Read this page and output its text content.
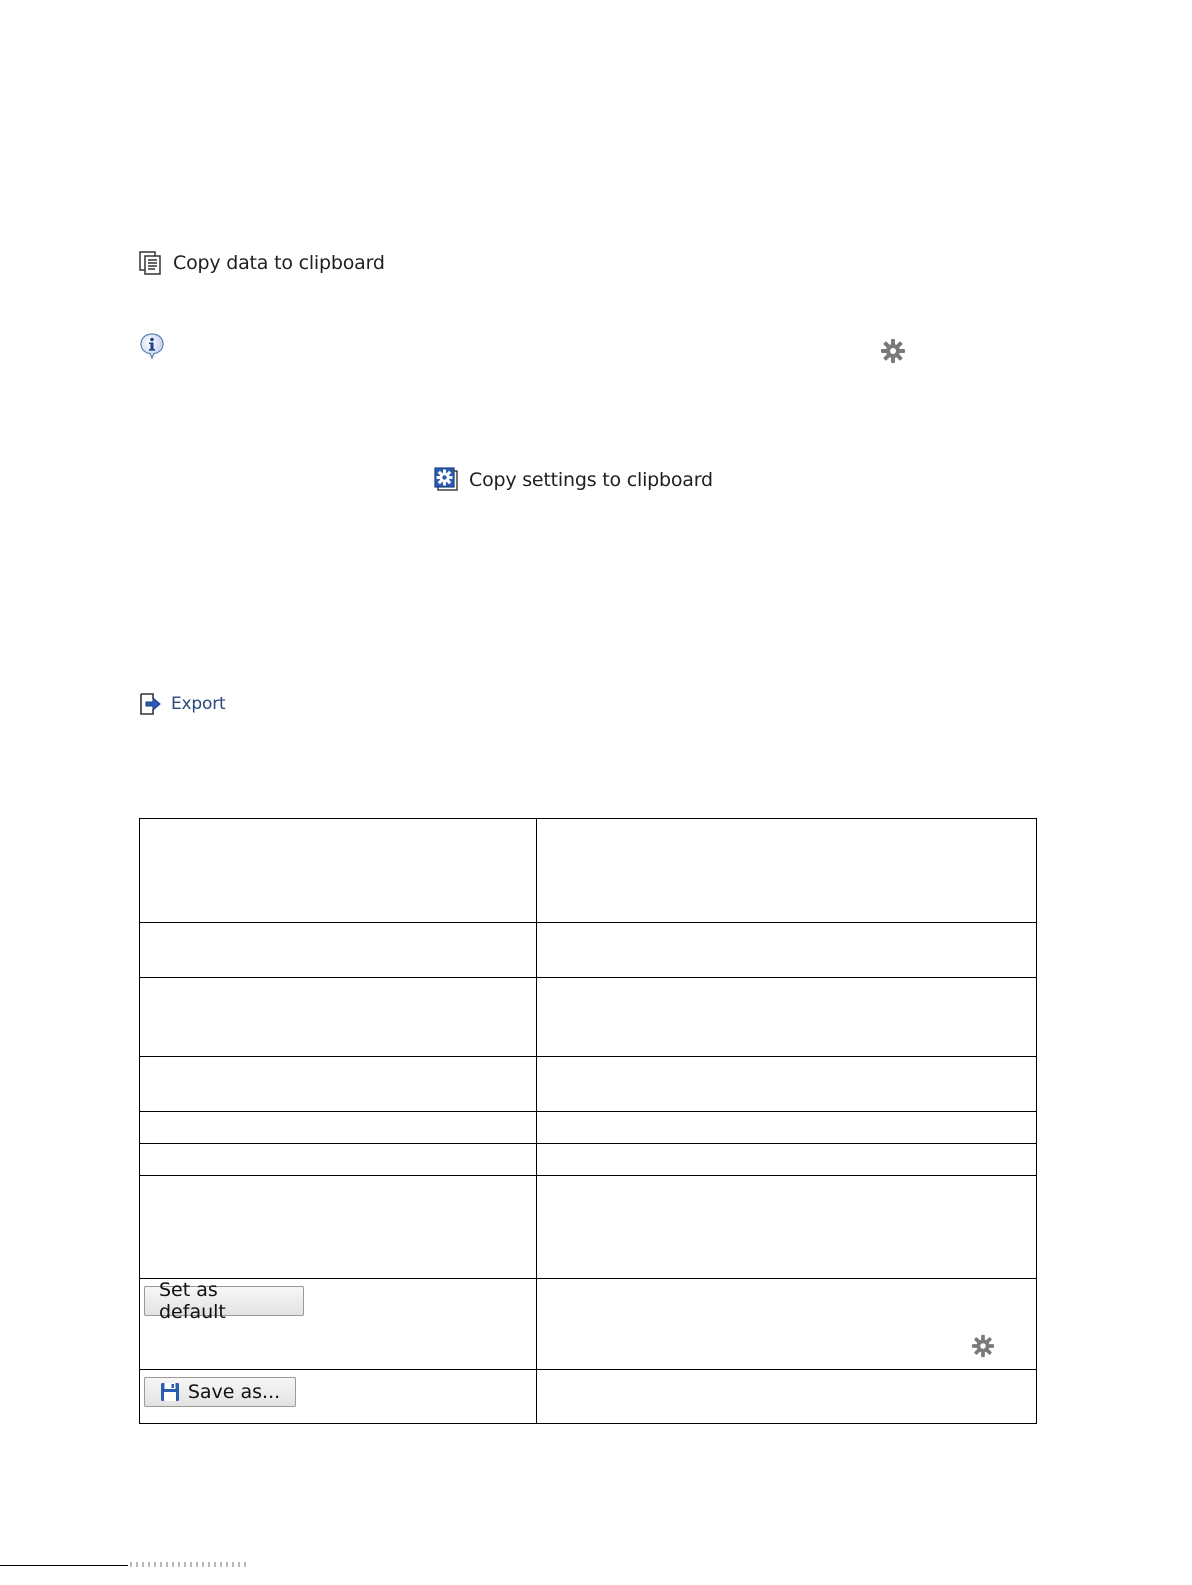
Copy data to clipboard
Copy settings to clipboard
Export
Set as default
Save as...
